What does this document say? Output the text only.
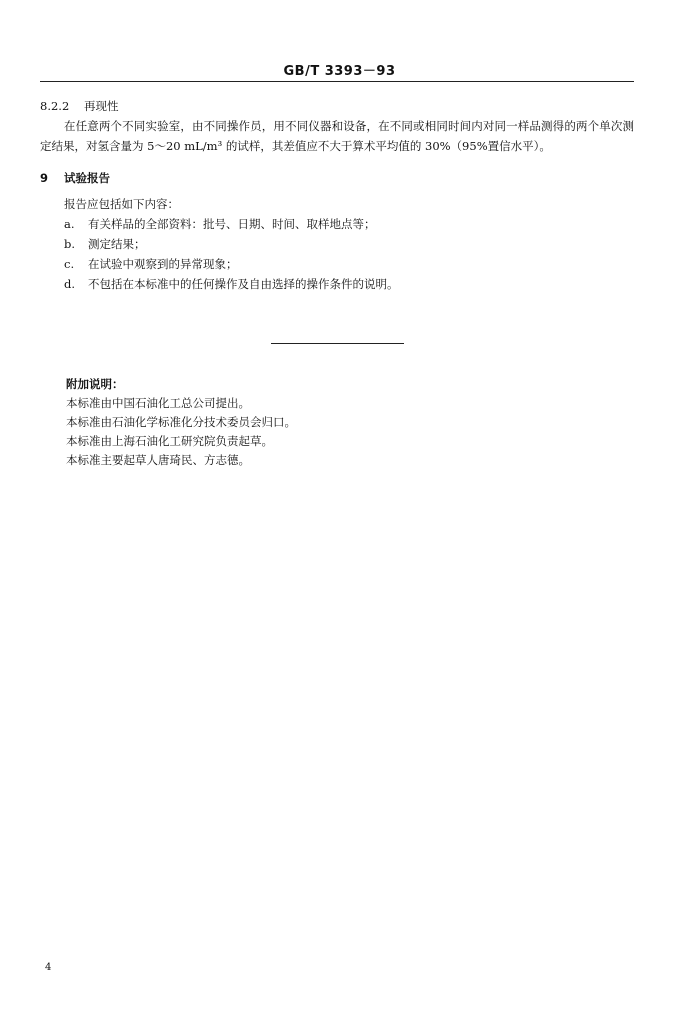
GB/T 3393－93
8.2.2 再现性

在任意两个不同实验室，由不同操作员，用不同仪器和设备，在不同或相同时间内对同一样品测得的两个单次测定结果，对氢含量为 5～20 mL/m³ 的试样，其差值应不大于算术平均值的 30%（95%置信水平）。

9 试验报告
报告应包括如下内容：
a. 有关样品的全部资料：批号、日期、时间、取样地点等；
b. 测定结果；
c. 在试验中观察到的异常现象；
d. 不包括在本标准中的任何操作及自由选择的操作条件的说明。
附加说明：
本标准由中国石油化工总公司提出。
本标准由石油化学标准化分技术委员会归口。
本标准由上海石油化工研究院负责起草。
本标准主要起草人唐琦民、方志德。
4
